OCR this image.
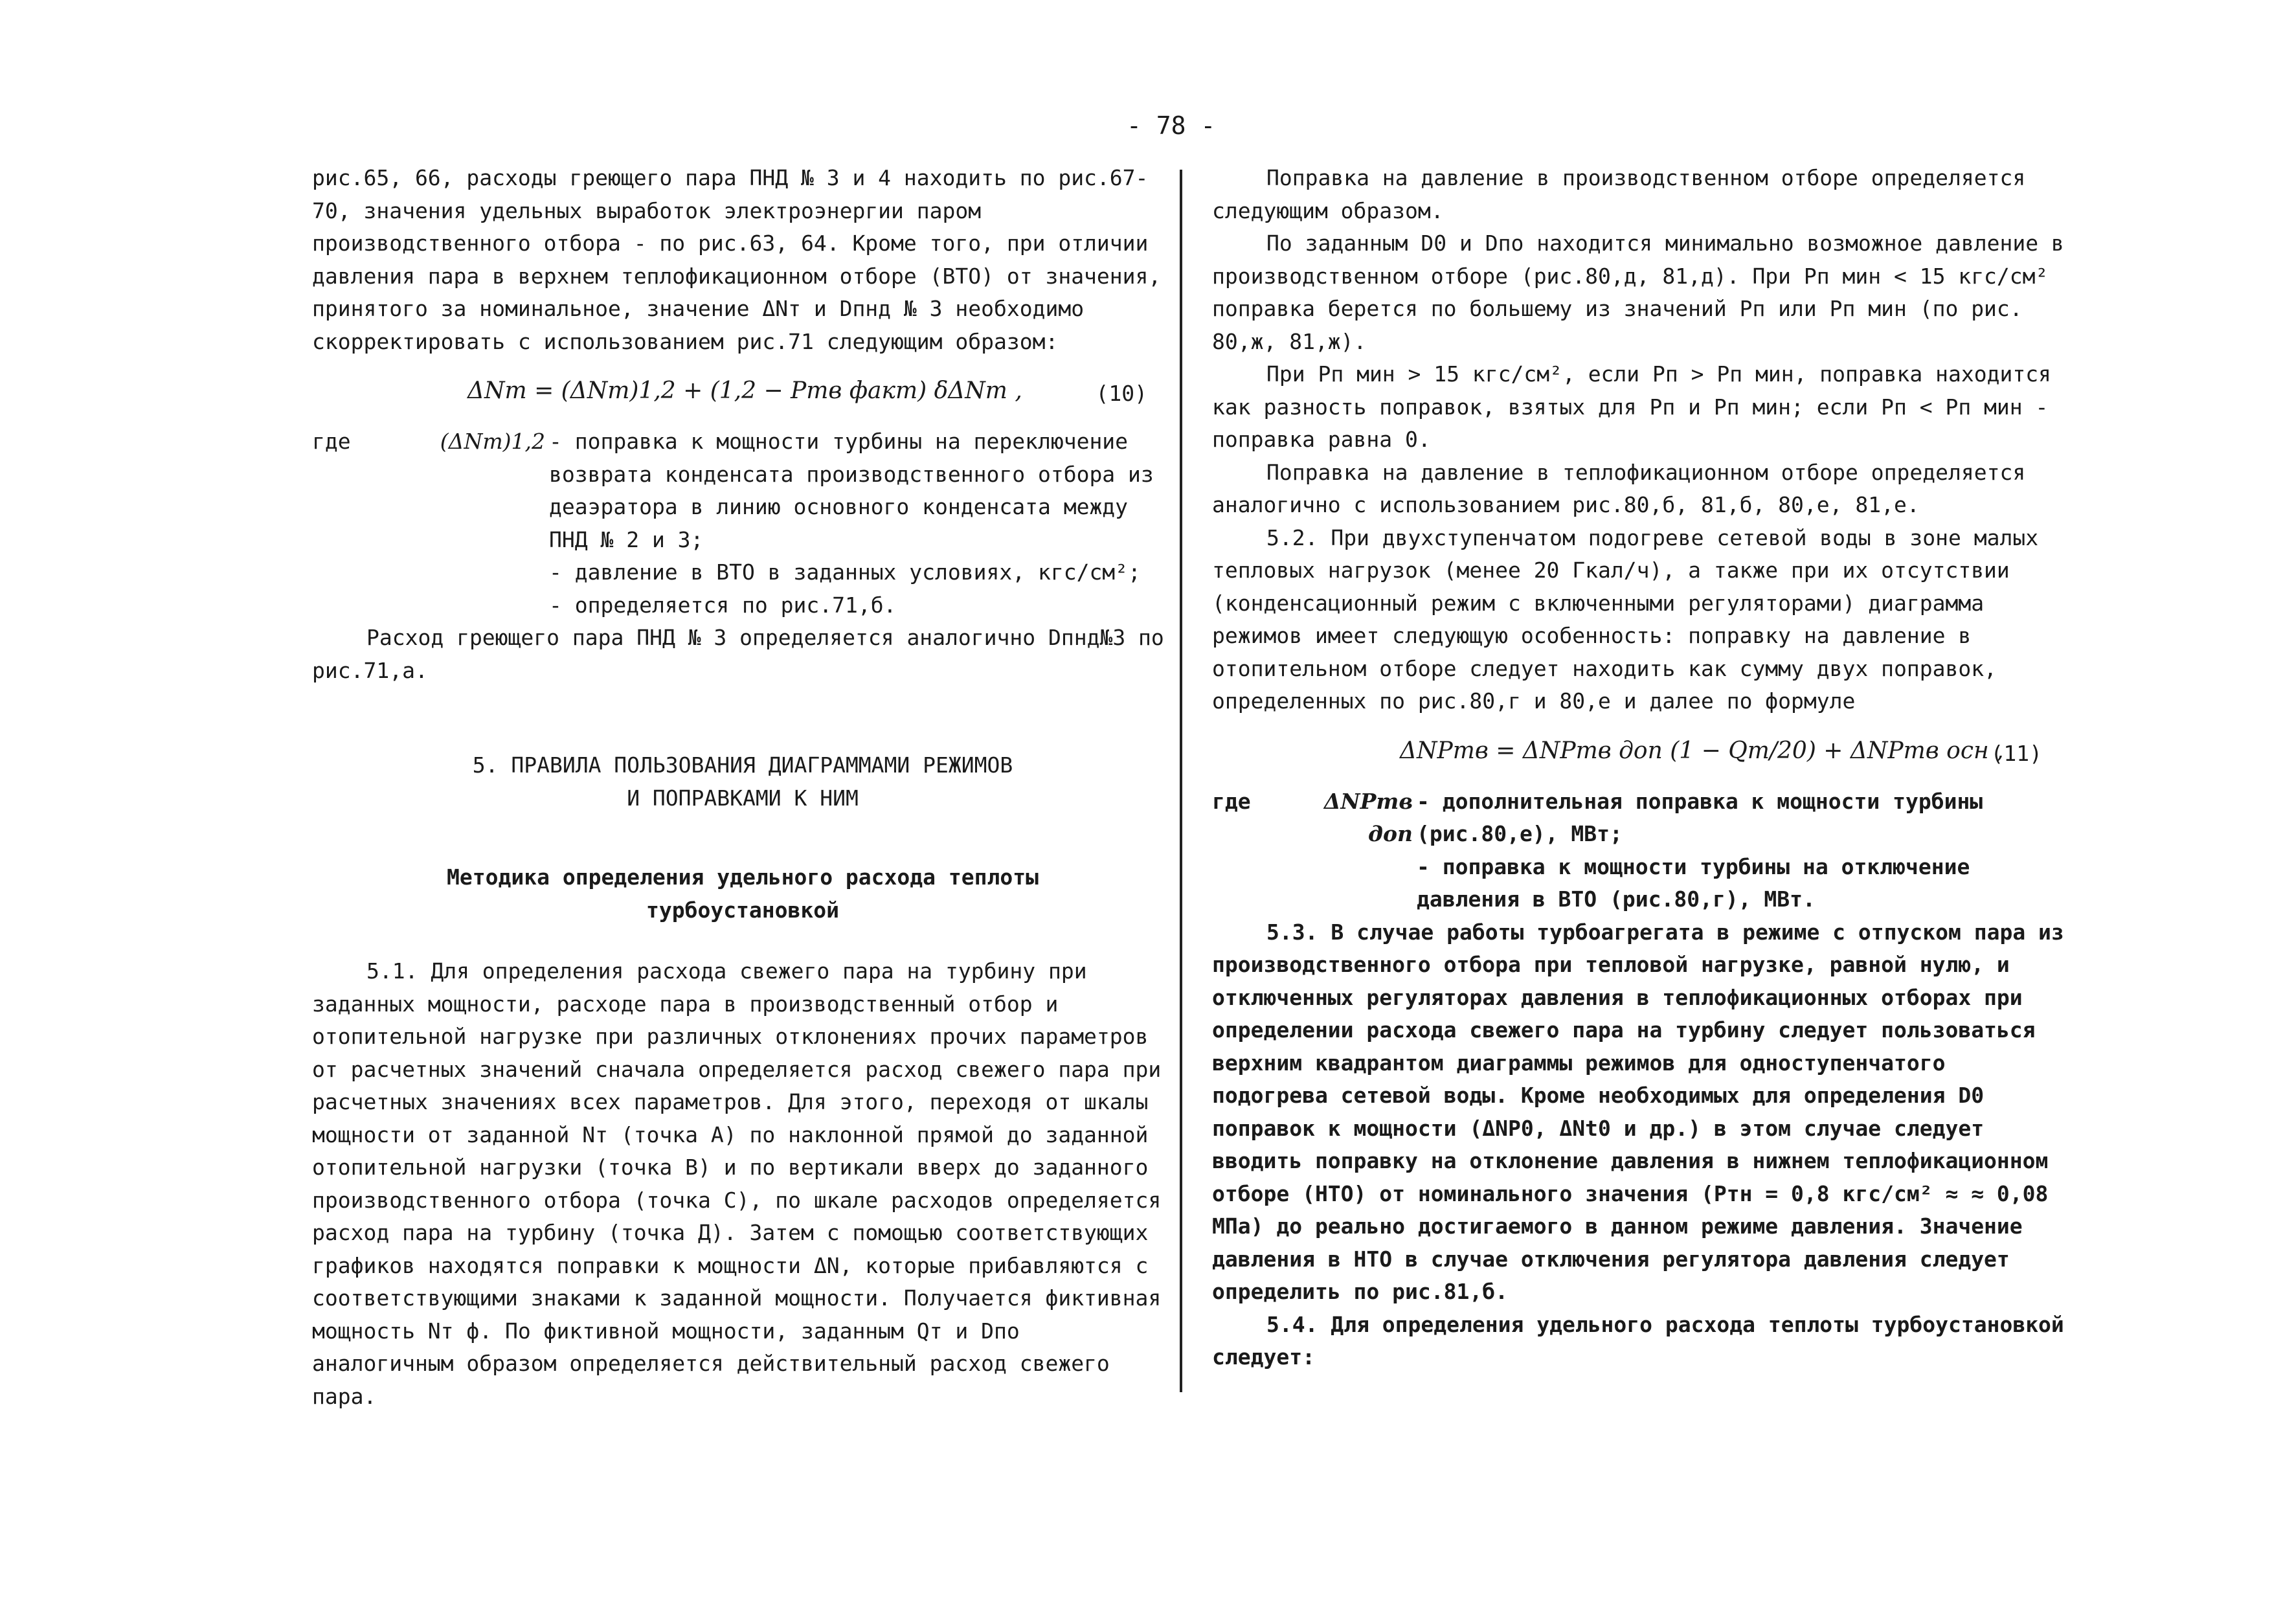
- 78 -

рис.65, 66, расходы греющего пара ПНД № 3 и 4 находить по рис.67-70, значения удельных выработок электроэнергии паром производственного отбора - по рис.63, 64. Кроме того, при отличии давления пара в верхнем теплофикационном отборе (ВТО) от значения, принятого за номинальное, значение ΔNт и Dпнд № 3 необходимо скорректировать с использованием рис.71 следующим образом:

ΔNт = (ΔNт)1,2 + (1,2 − Pтв факт) δΔNт ,	(10)
где	(ΔNт)1,2 - поправка к мощности турбины на переключение возврата конденсата производственного отбора из деаэратора в линию основного конденсата между ПНД № 2 и 3;
- давление в ВТО в заданных условиях, кгс/см²;
- определяется по рис.71,б.

Расход греющего пара ПНД № 3 определяется аналогично Dпнд№3 по рис.71,а.

5. ПРАВИЛА ПОЛЬЗОВАНИЯ ДИАГРАММАМИ РЕЖИМОВ
И ПОПРАВКАМИ К НИМ
Методика определения удельного расхода теплоты
турбоустановкой

5.1. Для определения расхода свежего пара на турбину при заданных мощности, расходе пара в производственный отбор и отопительной нагрузке при различных отклонениях прочих параметров от расчетных значений сначала определяется расход свежего пара при расчетных значениях всех параметров. Для этого, переходя от шкалы мощности от заданной Nт (точка А) по наклонной прямой до заданной отопительной нагрузки (точка В) и по вертикали вверх до заданного производственного отбора (точка С), по шкале расходов определяется расход пара на турбину (точка Д). Затем с помощью соответствующих графиков находятся поправки к мощности ΔN, которые прибавляются с соответствующими знаками к заданной мощности. Получается фиктивная мощность Nт ф. По фиктивной мощности, заданным Qт и Dпо аналогичным образом определяется действительный расход свежего пара.

Поправка на давление в производственном отборе определяется следующим образом.

По заданным D0 и Dпо находится минимально возможное давление в производственном отборе (рис.80,д, 81,д). При Pп мин < 15 кгс/см² поправка берется по большему из значений Pп или Pп мин (по рис. 80,ж, 81,ж).

При Pп мин > 15 кгс/см², если Pп > Pп мин, поправка находится как разность поправок, взятых для Pп и Pп мин; если Pп < Pп мин - поправка равна 0.

Поправка на давление в теплофикационном отборе определяется аналогично с использованием рис.80,б, 81,б, 80,е, 81,е.

5.2. При двухступенчатом подогреве сетевой воды в зоне малых тепловых нагрузок (менее 20 Гкал/ч), а также при их отсутствии (конденсационный режим с включенными регуляторами) диаграмма режимов имеет следующую особенность: поправку на давление в отопительном отборе следует находить как сумму двух поправок, определенных по рис.80,г и 80,е и далее по формуле

ΔNPтв = ΔNPтв доп (1 − Qт/20) + ΔNPтв осн ,
(11)
где	ΔNPтв доп
- дополнительная поправка к мощности турбины (рис.80,е), МВт;
- поправка к мощности турбины на отключение давления в ВТО (рис.80,г), МВт.

5.3. В случае работы турбоагрегата в режиме с отпуском пара из производственного отбора при тепловой нагрузке, равной нулю, и отключенных регуляторах давления в теплофикационных отборах при определении расхода свежего пара на турбину следует пользоваться верхним квадрантом диаграммы режимов для одноступенчатого подогрева сетевой воды. Кроме необходимых для определения D0 поправок к мощности (ΔNP0, ΔNt0 и др.) в этом случае следует вводить поправку на отклонение давления в нижнем теплофикационном отборе (НТО) от номинального значения (Pтн = 0,8 кгс/см² ≈ ≈ 0,08 МПа) до реально достигаемого в данном режиме давления. Значение давления в НТО в случае отключения регулятора давления следует определить по рис.81,б.

5.4. Для определения удельного расхода теплоты турбоустановкой следует:
